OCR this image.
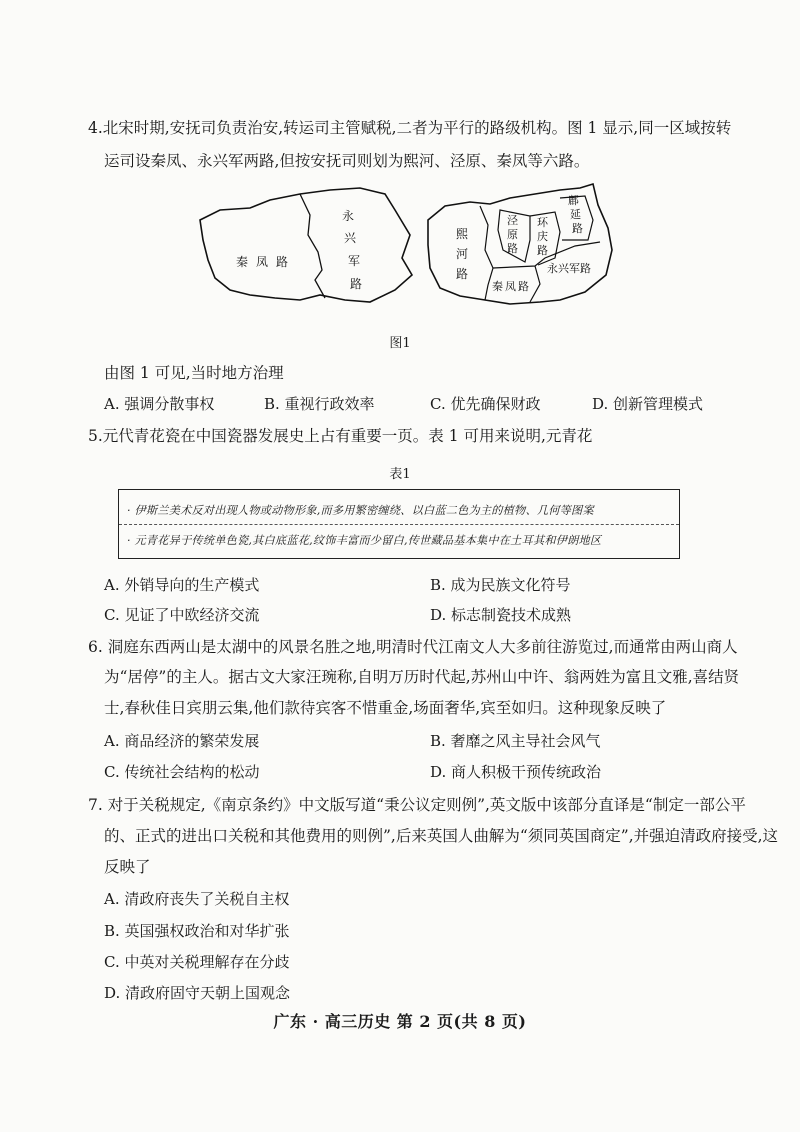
4.北宋时期,安抚司负责治安,转运司主管赋税,二者为平行的路级机构。图 1 显示,同一区域按转
运司设秦凤、永兴军两路,但按安抚司则划为熙河、泾原、秦凤等六路。
秦凤路
永
兴
军
路
熙
河
路
泾
原
路
环
庆
路
鄜
延
路
秦凤路
永兴军路
图1
由图 1 可见,当时地方治理
A. 强调分散事权	B. 重视行政效率	C. 优先确保财政	D. 创新管理模式
5.元代青花瓷在中国瓷器发展史上占有重要一页。表 1 可用来说明,元青花
表1
· 伊斯兰美术反对出现人物或动物形象,而多用繁密缠绕、以白蓝二色为主的植物、几何等图案
· 元青花异于传统单色瓷,其白底蓝花,纹饰丰富而少留白,传世藏品基本集中在土耳其和伊朗地区
A. 外销导向的生产模式	B. 成为民族文化符号
C. 见证了中欧经济交流	D. 标志制瓷技术成熟
6. 洞庭东西两山是太湖中的风景名胜之地,明清时代江南文人大多前往游览过,而通常由两山商人
为“居停”的主人。据古文大家汪琬称,自明万历时代起,苏州山中许、翁两姓为富且文雅,喜结贤
士,春秋佳日宾朋云集,他们款待宾客不惜重金,场面奢华,宾至如归。这种现象反映了
A. 商品经济的繁荣发展	B. 奢靡之风主导社会风气
C. 传统社会结构的松动	D. 商人积极干预传统政治
7. 对于关税规定,《南京条约》中文版写道“秉公议定则例”,英文版中该部分直译是“制定一部公平
的、正式的进出口关税和其他费用的则例”,后来英国人曲解为“须同英国商定”,并强迫清政府接受,这
反映了
A. 清政府丧失了关税自主权
B. 英国强权政治和对华扩张
C. 中英对关税理解存在分歧
D. 清政府固守天朝上国观念
广东 · 高三历史 第 2 页(共 8 页)
